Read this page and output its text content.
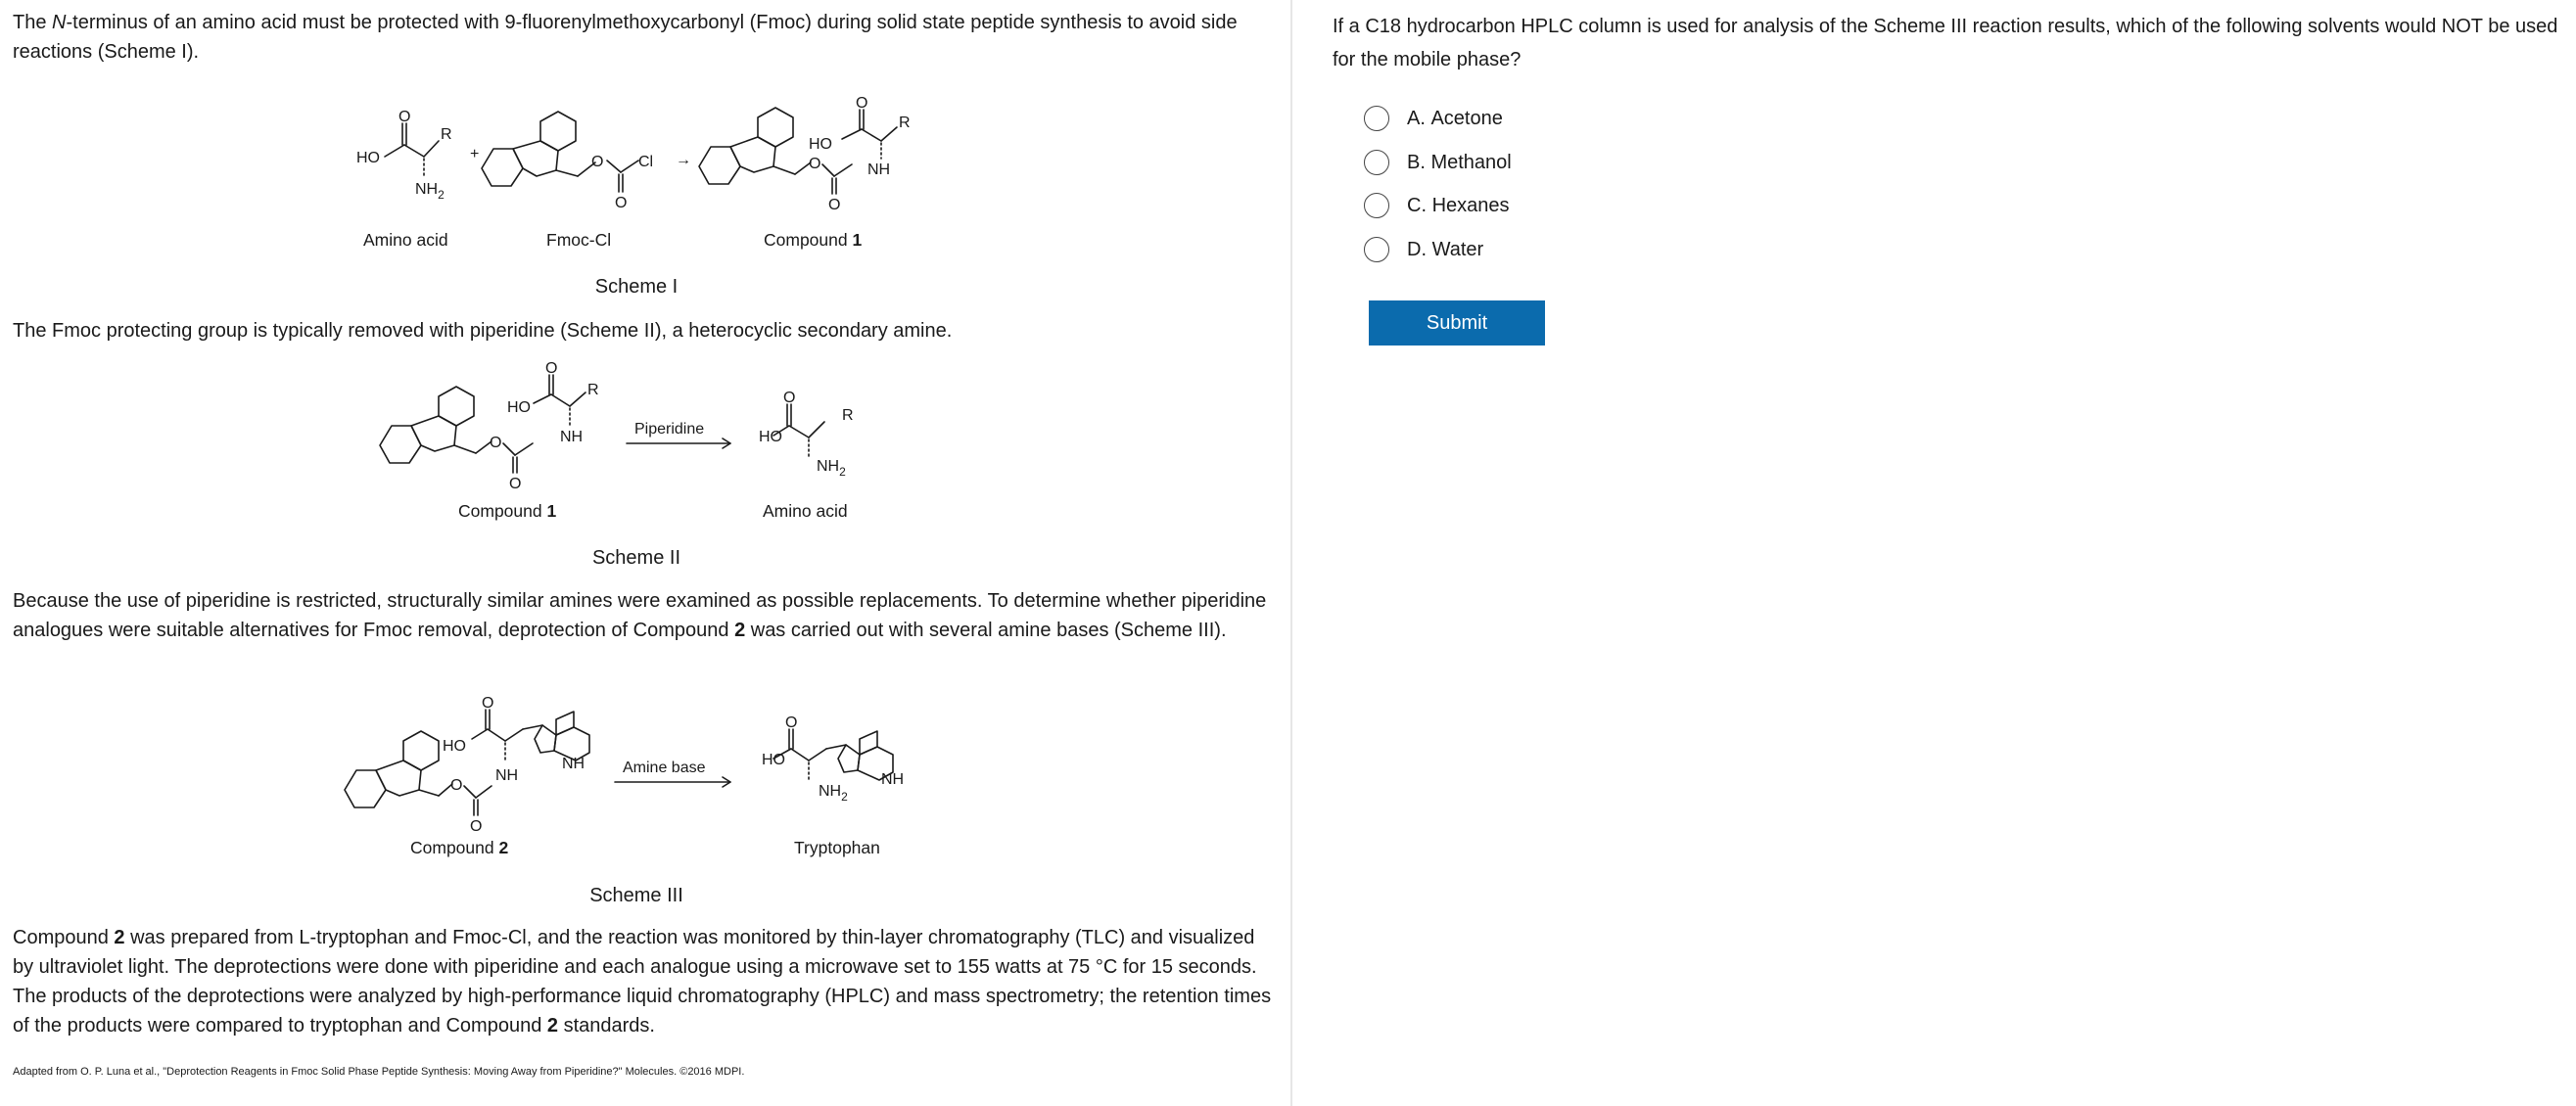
The N-terminus of an amino acid must be protected with 9-fluorenylmethoxycarbonyl (Fmoc) during solid state peptide synthesis to avoid side reactions (Scheme I).

HO
O
R
$NH_2$
+	O Cl
O
→
HO
O
R
NH
O
O
Amino acid	Fmoc-Cl	Compound 1
Scheme I

The Fmoc protecting group is typically removed with piperidine (Scheme II), a heterocyclic secondary amine.

HO
O
R
NH
O
O
Piperidine	HO
O
R
$NH_2$
Compound 1	Amino acid
Scheme II

Because the use of piperidine is restricted, structurally similar amines were examined as possible replacements. To determine whether piperidine analogues were suitable alternatives for Fmoc removal, deprotection of Compound 2 was carried out with several amine bases (Scheme III).

HO
O
NH
NH
O
O
Amine base	HO
O
$NH_2$
NH
Compound 2	Tryptophan
Scheme III

Compound 2 was prepared from L-tryptophan and Fmoc-Cl, and the reaction was monitored by thin-layer chromatography (TLC) and visualized by ultraviolet light. The deprotections were done with piperidine and each analogue using a microwave set to 155 watts at 75 °C for 15 seconds. The products of the deprotections were analyzed by high-performance liquid chromatography (HPLC) and mass spectrometry; the retention times of the products were compared to tryptophan and Compound 2 standards.

Adapted from O. P. Luna et al., "Deprotection Reagents in Fmoc Solid Phase Peptide Synthesis: Moving Away from Piperidine?" Molecules. ©2016 MDPI.

If a C18 hydrocarbon HPLC column is used for analysis of the Scheme III reaction results, which of the following solvents would NOT be used for the mobile phase?

A.
Acetone
B.
Methanol
C.
Hexanes
D.
Water
Submit
